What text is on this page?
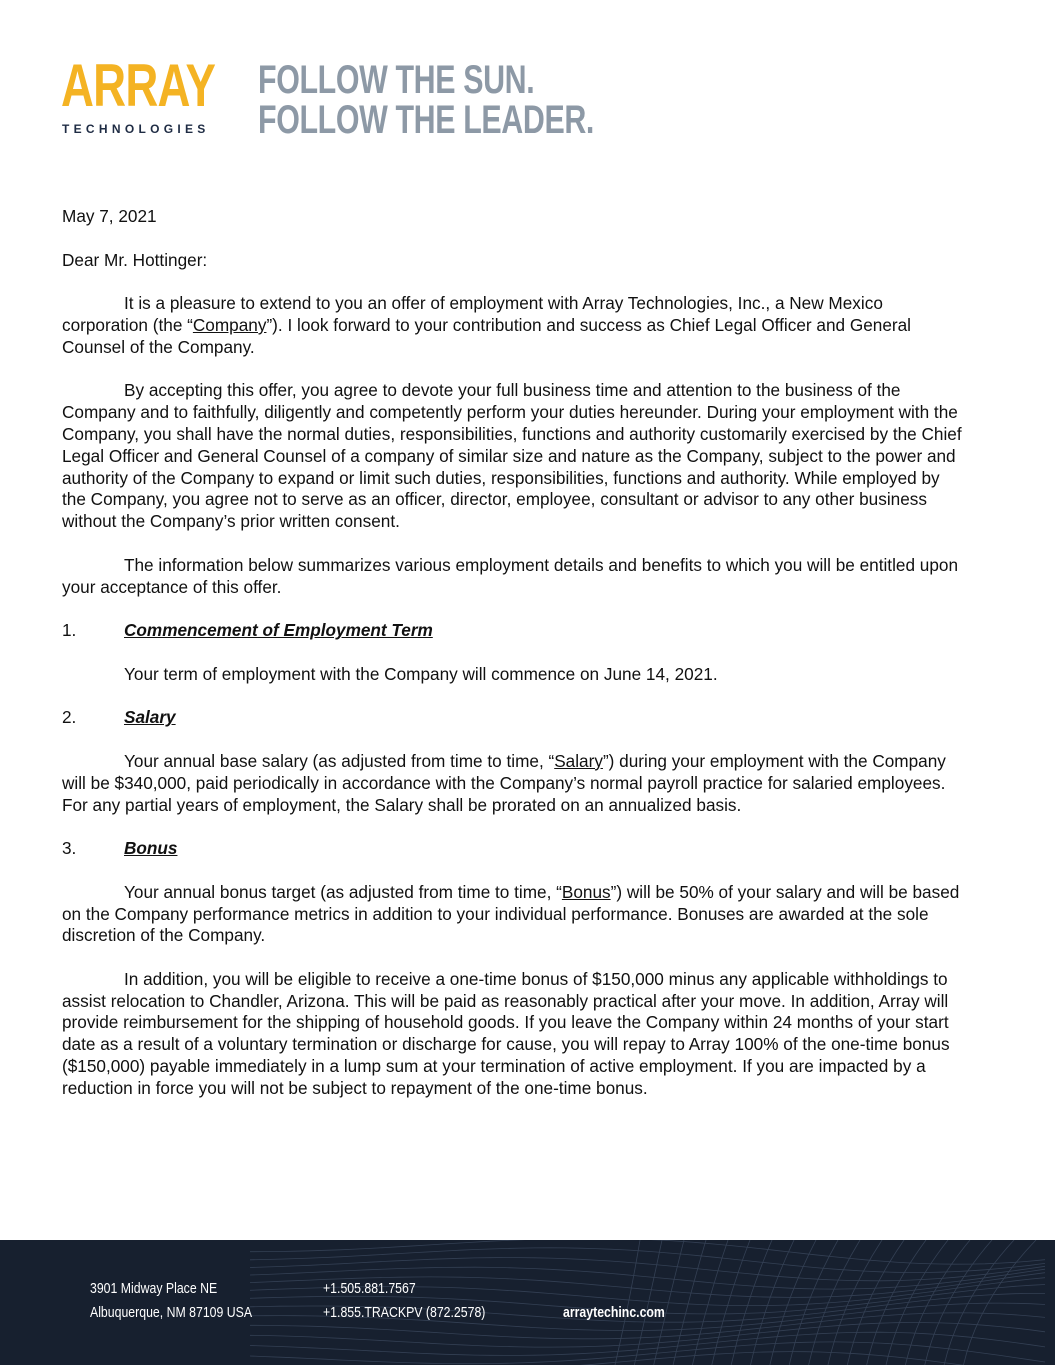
ARRAY
TECHNOLOGIES
FOLLOW THE SUN.
FOLLOW THE LEADER.

May 7, 2021

Dear Mr. Hottinger:

It is a pleasure to extend to you an offer of employment with Array Technologies, Inc., a New Mexico corporation (the “Company”). I look forward to your contribution and success as Chief Legal Officer and General Counsel of the Company.

By accepting this offer, you agree to devote your full business time and attention to the business of the Company and to faithfully, diligently and competently perform your duties hereunder. During your employment with the Company, you shall have the normal duties, responsibilities, functions and authority customarily exercised by the Chief Legal Officer and General Counsel of a company of similar size and nature as the Company, subject to the power and authority of the Company to expand or limit such duties, responsibilities, functions and authority. While employed by the Company, you agree not to serve as an officer, director, employee, consultant or advisor to any other business without the Company’s prior written consent.

The information below summarizes various employment details and benefits to which you will be entitled upon your acceptance of this offer.

1.	Commencement of Employment Term

Your term of employment with the Company will commence on June 14, 2021.

2.	Salary

Your annual base salary (as adjusted from time to time, “Salary”) during your employment with the Company will be $340,000, paid periodically in accordance with the Company’s normal payroll practice for salaried employees. For any partial years of employment, the Salary shall be prorated on an annualized basis.

3.	Bonus

Your annual bonus target (as adjusted from time to time, “Bonus”) will be 50% of your salary and will be based on the Company performance metrics in addition to your individual performance. Bonuses are awarded at the sole discretion of the Company.

In addition, you will be eligible to receive a one-time bonus of $150,000 minus any applicable withholdings to assist relocation to Chandler, Arizona. This will be paid as reasonably practical after your move. In addition, Array will provide reimbursement for the shipping of household goods. If you leave the Company within 24 months of your start date as a result of a voluntary termination or discharge for cause, you will repay to Array 100% of the one-time bonus ($150,000) payable immediately in a lump sum at your termination of active employment. If you are impacted by a reduction in force you will not be subject to repayment of the one-time bonus.

3901 Midway Place NE
Albuquerque, NM 87109 USA
+1.505.881.7567
+1.855.TRACKPV (872.2578)	arraytechinc.com
